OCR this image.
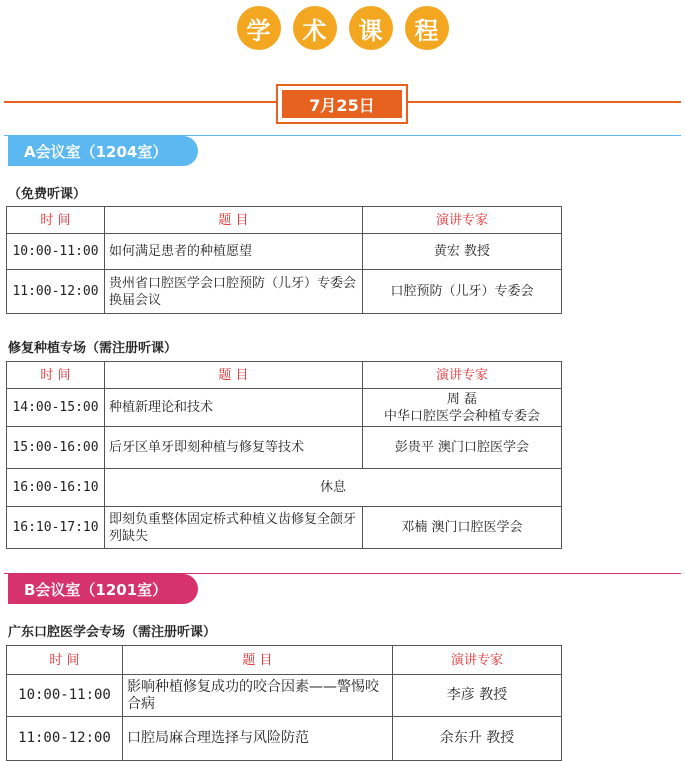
学	术	课	程
7月25日
A会议室（1204室）
（免费听课）
时 间	题 目	演讲专家
10:00-11:00	如何满足患者的种植愿望	黄宏 教授
11:00-12:00	贵州省口腔医学会口腔预防（儿牙）专委会换届会议	口腔预防（儿牙）专委会
修复种植专场（需注册听课）
时 间	题 目	演讲专家
14:00-15:00	种植新理论和技术	周 磊
中华口腔医学会种植专委会
15:00-16:00	后牙区单牙即刻种植与修复等技术	彭贵平 澳门口腔医学会
16:00-16:10	休息	
16:10-17:10	即刻负重整体固定桥式种植义齿修复全颌牙列缺失	邓楠 澳门口腔医学会
B会议室（1201室）
广东口腔医学会专场（需注册听课）
时 间	题 目	演讲专家
10:00-11:00	影响种植修复成功的咬合因素——警惕咬合病	李彦 教授
11:00-12:00	口腔局麻合理选择与风险防范	余东升 教授
